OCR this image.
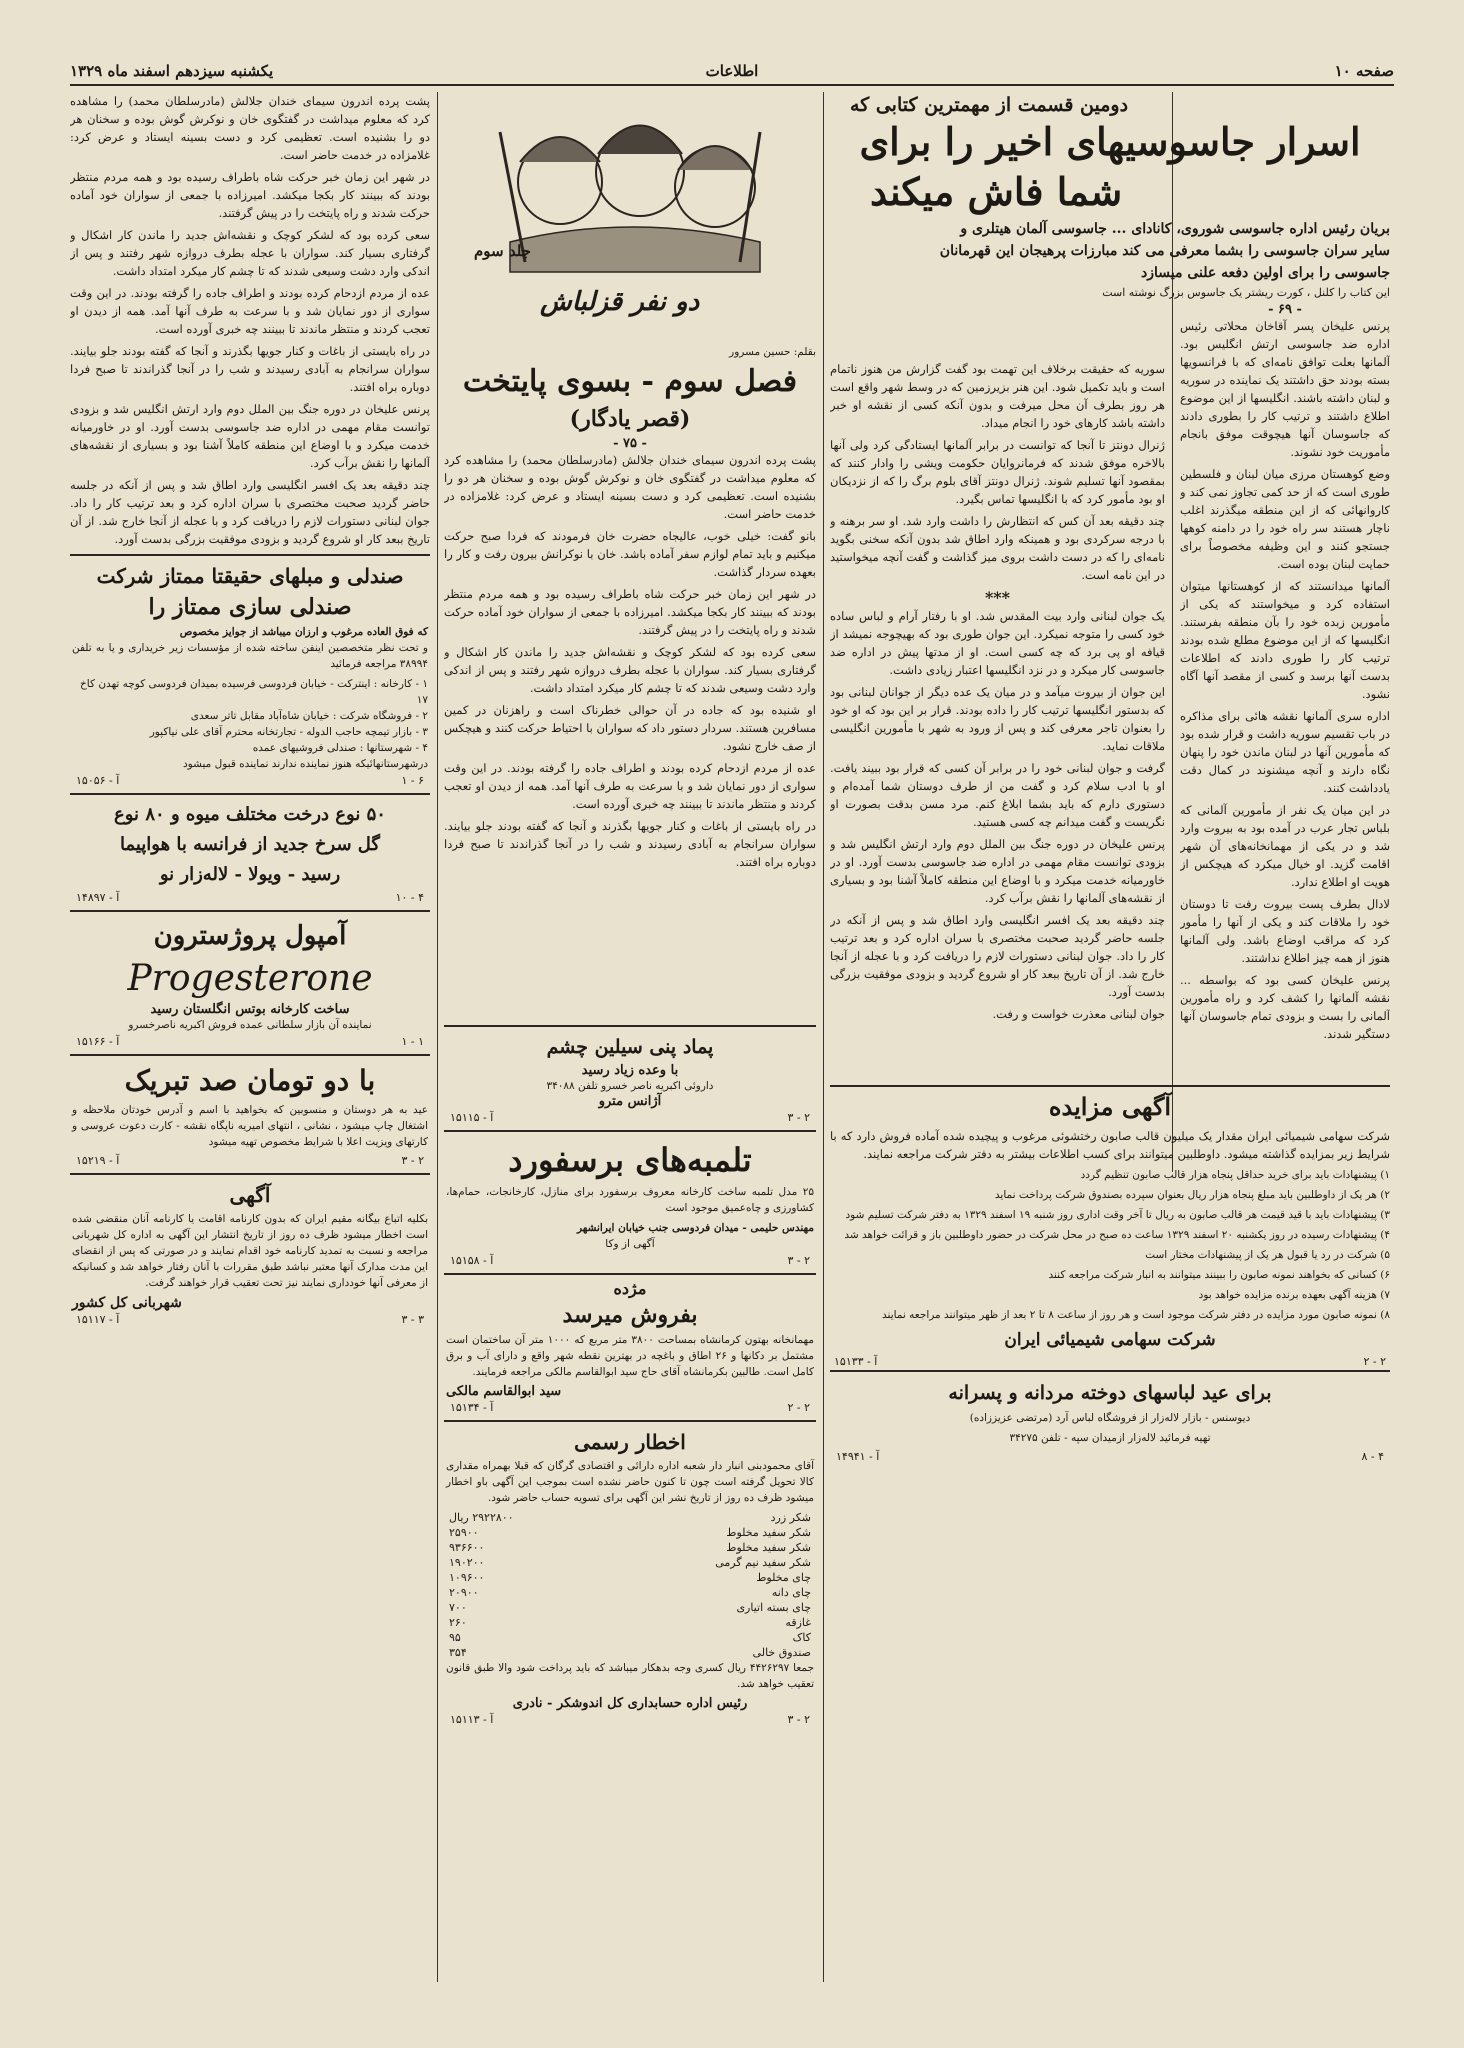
صفحه ۱۰
اطلاعات
یکشنبه سیزدهم اسفند ماه ۱۳۲۹
- ۶۹ -

پرنس علیخان پسر آقاخان محلاتی رئیس اداره ضد جاسوسی ارتش انگلیس بود. آلمانها بعلت توافق نامه‌ای که با فرانسویها بسته بودند حق داشتند یک نماینده در سوریه و لبنان داشته باشند. انگلیسها از این موضوع اطلاع داشتند و ترتیب کار را بطوری دادند که جاسوسان آنها هیچوقت موفق بانجام مأموریت خود نشوند.

وضع کوهستان مرزی میان لبنان و فلسطین طوری است که از حد کمی تجاوز نمی کند و کاروانهائی که از این منطقه میگذرند اغلب ناچار هستند سر راه خود را در دامنه کوهها جستجو کنند و این وظیفه مخصوصاً برای حمایت لبنان بوده است.

آلمانها میدانستند که از کوهستانها میتوان استفاده کرد و میخواستند که یکی از مأمورین زبده خود را بآن منطقه بفرستند. انگلیسها که از این موضوع مطلع شده بودند ترتیب کار را طوری دادند که اطلاعات بدست آنها برسد و کسی از مقصد آنها آگاه نشود.

اداره سری آلمانها نقشه هائی برای مذاکره در باب تقسیم سوریه داشت و قرار شده بود که مأمورین آنها در لبنان ماندن خود را پنهان نگاه دارند و آنچه میشنوند در کمال دقت یادداشت کنند.

در این میان یک نفر از مأمورین آلمانی که بلباس تجار عرب در آمده بود به بیروت وارد شد و در یکی از مهمانخانه‌های آن شهر اقامت گزید. او خیال میکرد که هیچکس از هویت او اطلاع ندارد.

لادال بطرف پست بیروت رفت تا دوستان خود را ملاقات کند و یکی از آنها را مأمور کرد که مراقب اوضاع باشد. ولی آلمانها هنوز از همه چیز اطلاع نداشتند.

پرنس علیخان کسی بود که بواسطه ... نقشه آلمانها را کشف کرد و راه مأمورین آلمانی را بست و بزودی تمام جاسوسان آنها دستگیر شدند.

دومین قسمت از مهمترین کتابی که
اسرار جاسوسیهای اخیر را برای
شما فاش میکند
بریان رئیس اداره جاسوسی شوروی، کانادای ... جاسوسی آلمان هیتلری و
سایر سران جاسوسی را بشما معرفی می کند مبارزات پرهیجان این قهرمانان
جاسوسی را برای اولین دفعه علنی میسازد
این کتاب را کلنل ، کورت ریشتر یک جاسوس بزرگ نوشته است

سوریه که حقیقت برخلاف این تهمت بود گفت گزارش من هنوز ناتمام است و باید تکمیل شود. این هنر بزیرزمین که در وسط شهر واقع است هر روز بطرف آن محل میرفت و بدون آنکه کسی از نقشه او خبر داشته باشد کارهای خود را انجام میداد.

ژنرال دونتز تا آنجا که توانست در برابر آلمانها ایستادگی کرد ولی آنها بالاخره موفق شدند که فرمانروایان حکومت ویشی را وادار کنند که بمقصود آنها تسلیم شوند. ژنرال دونتز آقای بلوم برگ را که از نزدیکان او بود مأمور کرد که با انگلیسها تماس بگیرد.

چند دقیقه بعد آن کس که انتظارش را داشت وارد شد. او سر برهنه و با درجه سرکردی بود و همینکه وارد اطاق شد بدون آنکه سخنی بگوید نامه‌ای را که در دست داشت بروی میز گذاشت و گفت آنچه میخواستید در این نامه است.

***

یک جوان لبنانی وارد بیت المقدس شد. او با رفتار آرام و لباس ساده خود کسی را متوجه نمیکرد. این جوان طوری بود که بهیچوجه نمیشد از قیافه او پی برد که چه کسی است. او از مدتها پیش در اداره ضد جاسوسی کار میکرد و در نزد انگلیسها اعتبار زیادی داشت.

این جوان از بیروت میآمد و در میان یک عده دیگر از جوانان لبنانی بود که بدستور انگلیسها ترتیب کار را داده بودند. قرار بر این بود که او خود را بعنوان تاجر معرفی کند و پس از ورود به شهر با مأمورین انگلیسی ملاقات نماید.

گرفت و جوان لبنانی خود را در برابر آن کسی که قرار بود ببیند یافت. او با ادب سلام کرد و گفت من از طرف دوستان شما آمده‌ام و دستوری دارم که باید بشما ابلاغ کنم. مرد مسن بدقت بصورت او نگریست و گفت میدانم چه کسی هستید.

پرنس علیخان در دوره جنگ بین الملل دوم وارد ارتش انگلیس شد و بزودی توانست مقام مهمی در اداره ضد جاسوسی بدست آورد. او در خاورمیانه خدمت میکرد و با اوضاع این منطقه کاملاً آشنا بود و بسیاری از نقشه‌های آلمانها را نقش برآب کرد.

چند دقیقه بعد یک افسر انگلیسی وارد اطاق شد و پس از آنکه در جلسه حاضر گردید صحبت مختصری با سران اداره کرد و بعد ترتیب کار را داد. جوان لبنانی دستورات لازم را دریافت کرد و با عجله از آنجا خارج شد. از آن تاریخ ببعد کار او شروع گردید و بزودی موفقیت بزرگی بدست آورد.

جوان لبنانی معذرت خواست و رفت.

آگهی مزایده

شرکت سهامی شیمیائی ایران مقدار یک میلیون قالب صابون رختشوئی مرغوب و پیچیده شده آماده فروش دارد که با شرایط زیر بمزایده گذاشته میشود. داوطلبین میتوانند برای کسب اطلاعات بیشتر به دفتر شرکت مراجعه نمایند.

۱) پیشنهادات باید برای خرید حداقل پنجاه هزار قالب صابون تنظیم گردد

۲) هر یک از داوطلبین باید مبلغ پنجاه هزار ریال بعنوان سپرده بصندوق شرکت پرداخت نماید

۳) پیشنهادات باید با قید قیمت هر قالب صابون به ریال تا آخر وقت اداری روز شنبه ۱۹ اسفند ۱۳۲۹ به دفتر شرکت تسلیم شود

۴) پیشنهادات رسیده در روز یکشنبه ۲۰ اسفند ۱۳۲۹ ساعت ده صبح در محل شرکت در حضور داوطلبین باز و قرائت خواهد شد

۵) شرکت در رد یا قبول هر یک از پیشنهادات مختار است

۶) کسانی که بخواهند نمونه صابون را ببینند میتوانند به انبار شرکت مراجعه کنند

۷) هزینه آگهی بعهده برنده مزایده خواهد بود

۸) نمونه صابون مورد مزایده در دفتر شرکت موجود است و هر روز از ساعت ۸ تا ۲ بعد از ظهر میتوانند مراجعه نمایند

شرکت سهامی شیمیائی ایران
آ - ۱۵۱۳۳	۲ - ۲
برای عید لباسهای دوخته مردانه و پسرانه
دیوسنس - بازار لاله‌زار از فروشگاه لباس آرد (مرتضی عزیززاده)
تهیه فرمائید لاله‌زار ازمیدان سپه - تلفن ۳۴۲۷۵
آ - ۱۴۹۴۱	۸ - ۴
دو نفر قزلباش
جلد سوم
بقلم: حسین مسرور
فصل سوم - بسوی پایتخت
(قصر یادگار)
- ۷۵ -

پشت پرده اندرون سیمای خندان جلالش (مادرسلطان محمد) را مشاهده کرد که معلوم میداشت در گفتگوی خان و نوکرش گوش بوده و سخنان هر دو را بشنیده است. تعظیمی کرد و دست بسینه ایستاد و عرض کرد: غلامزاده در خدمت حاضر است.

بانو گفت: خیلی خوب، عالیجاه حضرت خان فرمودند که فردا صبح حرکت میکنیم و باید تمام لوازم سفر آماده باشد. خان با نوکرانش بیرون رفت و کار را بعهده سردار گذاشت.

در شهر این زمان خبر حرکت شاه باطراف رسیده بود و همه مردم منتظر بودند که ببینند کار بکجا میکشد. امیرزاده با جمعی از سواران خود آماده حرکت شدند و راه پایتخت را در پیش گرفتند.

سعی کرده بود که لشکر کوچک و نقشه‌اش جدید را ماندن کار اشکال و گرفتاری بسیار کند. سواران با عجله بطرف دروازه شهر رفتند و پس از اندکی وارد دشت وسیعی شدند که تا چشم کار میکرد امتداد داشت.

او شنیده بود که جاده در آن حوالی خطرناک است و راهزنان در کمین مسافرین هستند. سردار دستور داد که سواران با احتیاط حرکت کنند و هیچکس از صف خارج نشود.

عده از مردم ازدحام کرده بودند و اطراف جاده را گرفته بودند. در این وقت سواری از دور نمایان شد و با سرعت به طرف آنها آمد. همه از دیدن او تعجب کردند و منتظر ماندند تا ببینند چه خبری آورده است.

در راه بایستی از باغات و کنار جویها بگذرند و آنجا که گفته بودند جلو بیایند. سواران سرانجام به آبادی رسیدند و شب را در آنجا گذراندند تا صبح فردا دوباره براه افتند.

پماد پنی سیلین چشم
با وعده زیاد رسید
داروئی اکبریه ناصر خسرو تلفن ۳۴۰۸۸
آژانس مترو
آ - ۱۵۱۱۵	۳ - ۲
تلمبه‌های برسفورد

۲۵ مدل تلمبه ساخت کارخانه معروف برسفورد برای منازل، کارخانجات، حمام‌ها، کشاورزی و چاه‌عمیق موجود است

مهندس حلیمی - میدان فردوسی جنب خیابان ایرانشهر
آگهی از وکا
آ - ۱۵۱۵۸	۳ - ۲
مژده
بفروش میرسد

مهمانخانه بهتون کرمانشاه بمساحت ۳۸۰۰ متر مربع که ۱۰۰۰ متر آن ساختمان است مشتمل بر دکانها و ۲۶ اطاق و باغچه در بهترین نقطه شهر واقع و دارای آب و برق کامل است. طالبین بکرمانشاه آقای حاج سید ابوالقاسم مالکی مراجعه فرمایند.

سید ابوالقاسم مالکی
آ - ۱۵۱۳۴	۲ - ۲
اخطار رسمی

آقای محمودبنی انبار دار شعبه اداره دارائی و اقتصادی گرگان که قبلا بهمراه مقداری کالا تحویل گرفته است چون تا کنون حاضر نشده است بموجب این آگهی باو اخطار میشود ظرف ده روز از تاریخ نشر این آگهی برای تسویه حساب حاضر شود.

شکر زرد	۲۹۲۲۸۰۰ ریال
شکر سفید مخلوط	۲۵۹۰۰
شکر سفید مخلوط	۹۳۶۶۰۰
شکر سفید نیم گرمی	۱۹۰۲۰۰
چای مخلوط	۱۰۹۶۰۰
چای دانه	۲۰۹۰۰
چای بسته اتیاری	۷۰۰
غازقه	۲۶۰
کاک	۹۵
صندوق خالی	۳۵۴

جمعا ۴۴۲۶۲۹۷ ریال کسری وجه بدهکار میباشد که باید پرداخت شود والا طبق قانون تعقیب خواهد شد.

رئیس اداره حسابداری کل اندوشکر - نادری
آ - ۱۵۱۱۳	۳ - ۲

پشت پرده اندرون سیمای خندان جلالش (مادرسلطان محمد) را مشاهده کرد که معلوم میداشت در گفتگوی خان و نوکرش گوش بوده و سخنان هر دو را بشنیده است. تعظیمی کرد و دست بسینه ایستاد و عرض کرد: غلامزاده در خدمت حاضر است.

در شهر این زمان خبر حرکت شاه باطراف رسیده بود و همه مردم منتظر بودند که ببینند کار بکجا میکشد. امیرزاده با جمعی از سواران خود آماده حرکت شدند و راه پایتخت را در پیش گرفتند.

سعی کرده بود که لشکر کوچک و نقشه‌اش جدید را ماندن کار اشکال و گرفتاری بسیار کند. سواران با عجله بطرف دروازه شهر رفتند و پس از اندکی وارد دشت وسیعی شدند که تا چشم کار میکرد امتداد داشت.

عده از مردم ازدحام کرده بودند و اطراف جاده را گرفته بودند. در این وقت سواری از دور نمایان شد و با سرعت به طرف آنها آمد. همه از دیدن او تعجب کردند و منتظر ماندند تا ببینند چه خبری آورده است.

در راه بایستی از باغات و کنار جویها بگذرند و آنجا که گفته بودند جلو بیایند. سواران سرانجام به آبادی رسیدند و شب را در آنجا گذراندند تا صبح فردا دوباره براه افتند.

پرنس علیخان در دوره جنگ بین الملل دوم وارد ارتش انگلیس شد و بزودی توانست مقام مهمی در اداره ضد جاسوسی بدست آورد. او در خاورمیانه خدمت میکرد و با اوضاع این منطقه کاملاً آشنا بود و بسیاری از نقشه‌های آلمانها را نقش برآب کرد.

چند دقیقه بعد یک افسر انگلیسی وارد اطاق شد و پس از آنکه در جلسه حاضر گردید صحبت مختصری با سران اداره کرد و بعد ترتیب کار را داد. جوان لبنانی دستورات لازم را دریافت کرد و با عجله از آنجا خارج شد. از آن تاریخ ببعد کار او شروع گردید و بزودی موفقیت بزرگی بدست آورد.

صندلی و مبلهای حقیقتا ممتاز شرکت
صندلی سازی ممتاز را
که فوق العاده مرغوب و ارزان میباشد از جوایز مخصوص

و تحت نظر متخصصین اینفن ساخته شده از مؤسسات زیر خریداری و یا به تلفن ۳۸۹۹۴ مراجعه فرمائید

۱ - کارخانه : اینترکت - خیابان فردوسی فرسیده بمیدان فردوسی کوچه تهدن کاخ ۱۷
۲ - فروشگاه شرکت : خیابان شاه‌آباد مقابل تاتر سعدی
۳ - بازار تیمچه حاجب الدوله - تجارتخانه محترم آقای علی نیاکپور
۴ - شهرستانها : صندلی فروشیهای عمده
درشهرستانهائیکه هنوز نماینده ندارند نماینده قبول میشود
آ - ۱۵۰۵۶	۱ - ۶
۵۰ نوع درخت مختلف میوه و ۸۰ نوع
گل سرخ جدید از فرانسه با هواپیما
رسید - ویولا - لاله‌زار نو
آ - ۱۴۸۹۷	۱۰ - ۴
آمپول پروژسترون
Progesterone
ساخت کارخانه بوتس انگلستان رسید
نماینده آن بازار سلطانی عمده فروش اکبریه ناصرخسرو
آ - ۱۵۱۶۶	۱ - ۱
با دو تومان صد تبریک

عید به هر دوستان و منسوبین که بخواهید با اسم و آدرس خودتان ملاحظه و اشتغال چاپ میشود ، نشانی ، انتهای امیریه ناپگاه نقشه - کارت دعوت عروسی و کارتهای ویزیت اعلا با شرایط مخصوص تهیه میشود

آ - ۱۵۲۱۹	۳ - ۲
آگهی

بکلیه اتباع بیگانه مقیم ایران که بدون کارنامه اقامت یا کارنامه آنان منقضی شده است اخطار میشود ظرف ده روز از تاریخ انتشار این آگهی به اداره کل شهربانی مراجعه و نسبت به تمدید کارنامه خود اقدام نمایند و در صورتی که پس از انقضای این مدت مدارک آنها معتبر نباشد طبق مقررات با آنان رفتار خواهد شد و کسانیکه از معرفی آنها خودداری نمایند نیز تحت تعقیب قرار خواهند گرفت.

شهربانی کل کشور
آ - ۱۵۱۱۷	۳ - ۳
